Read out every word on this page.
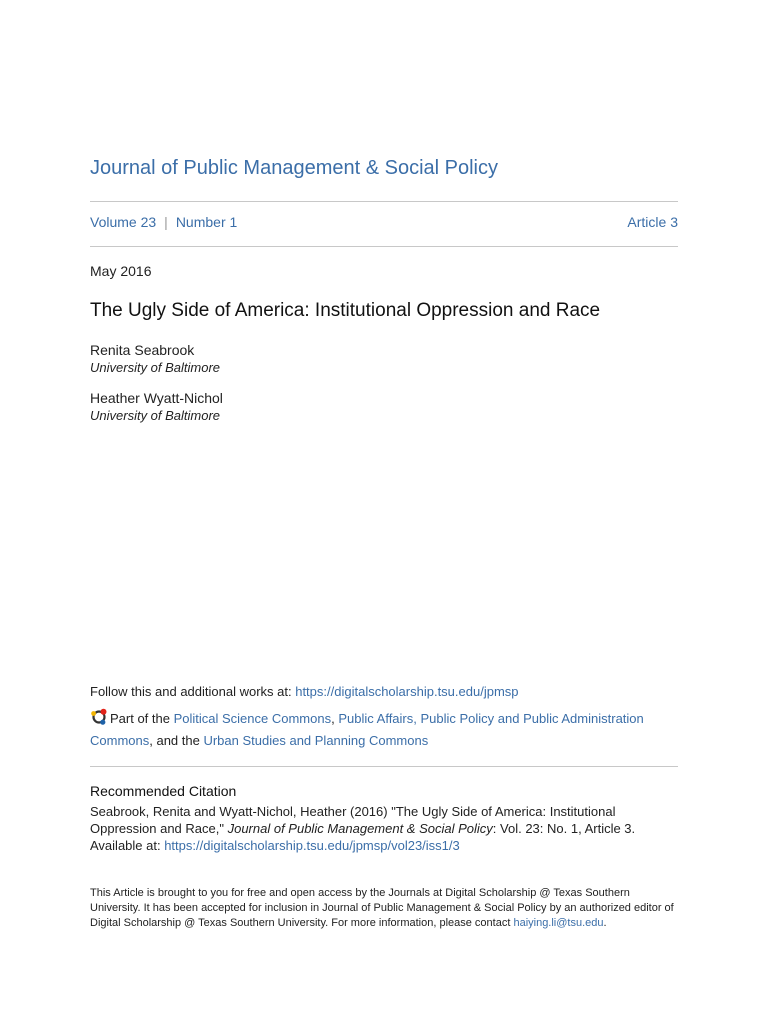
Journal of Public Management & Social Policy
Volume 23 | Number 1	Article 3
May 2016
The Ugly Side of America: Institutional Oppression and Race
Renita Seabrook
University of Baltimore
Heather Wyatt-Nichol
University of Baltimore
Follow this and additional works at: https://digitalscholarship.tsu.edu/jpmsp
Part of the Political Science Commons, Public Affairs, Public Policy and Public Administration
Commons, and the Urban Studies and Planning Commons
Recommended Citation
Seabrook, Renita and Wyatt-Nichol, Heather (2016) "The Ugly Side of America: Institutional Oppression and Race," Journal of Public Management & Social Policy: Vol. 23: No. 1, Article 3.
Available at: https://digitalscholarship.tsu.edu/jpmsp/vol23/iss1/3
This Article is brought to you for free and open access by the Journals at Digital Scholarship @ Texas Southern University. It has been accepted for inclusion in Journal of Public Management & Social Policy by an authorized editor of Digital Scholarship @ Texas Southern University. For more information, please contact haiying.li@tsu.edu.
